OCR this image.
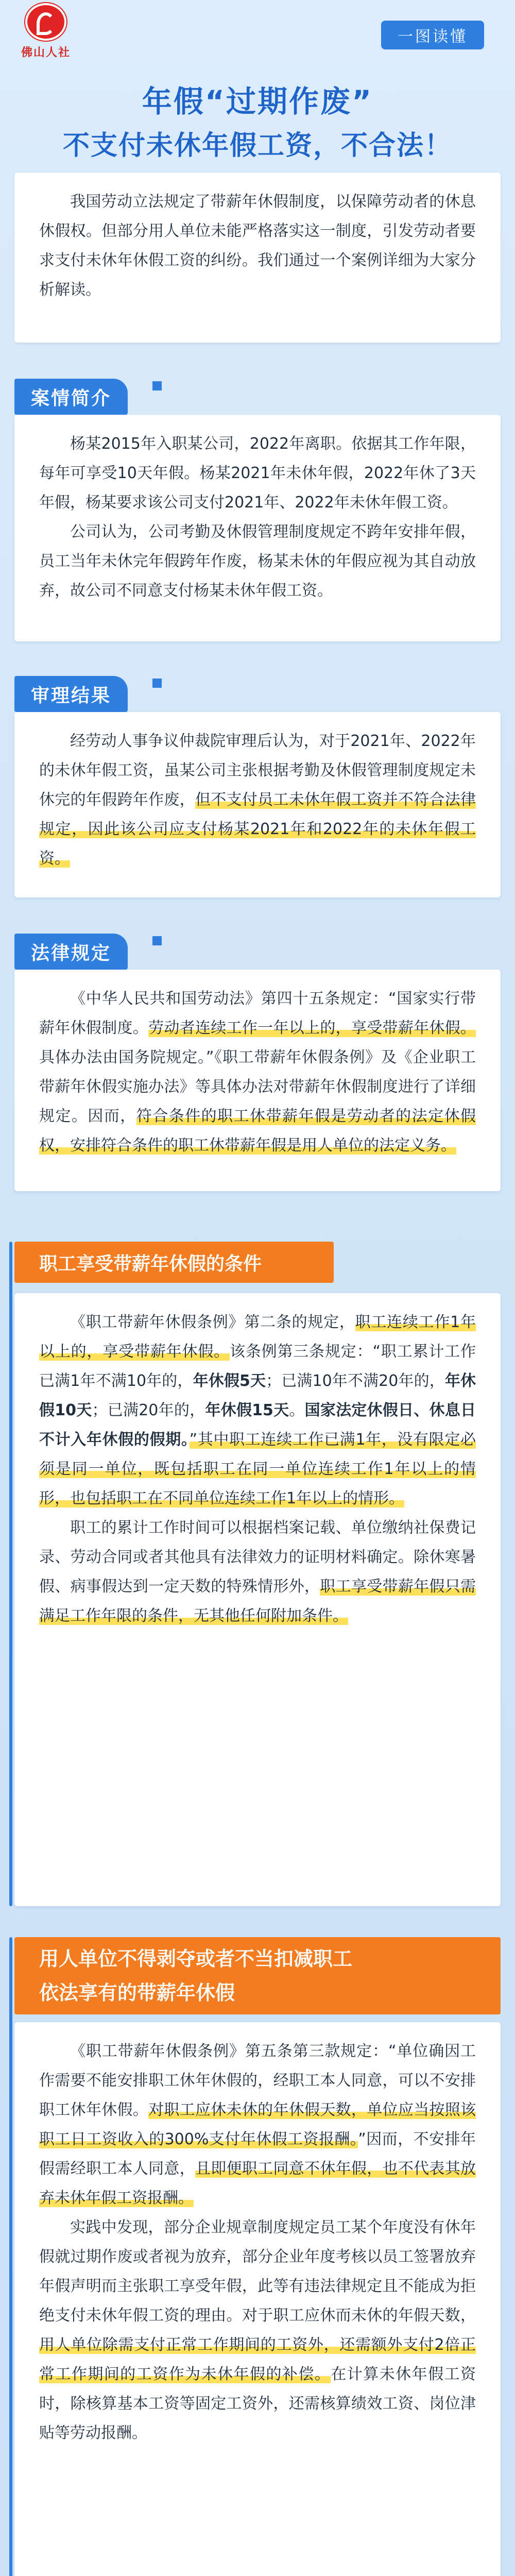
佛山人社
一图读懂
年假“过期作废”
不支付未休年假工资，不合法！

我国劳动立法规定了带薪年休假制度，以保障劳动者的休息休假权。但部分用人单位未能严格落实这一制度，引发劳动者要求支付未休年休假工资的纠纷。我们通过一个案例详细为大家分析解读。

案情简介

杨某2015年入职某公司，2022年离职。依据其工作年限，每年可享受10天年假。杨某2021年未休年假，2022年休了3天年假，杨某要求该公司支付2021年、2022年未休年假工资。

公司认为，公司考勤及休假管理制度规定不跨年安排年假，员工当年未休完年假跨年作废，杨某未休的年假应视为其自动放弃，故公司不同意支付杨某未休年假工资。

审理结果

经劳动人事争议仲裁院审理后认为，对于2021年、2022年的未休年假工资，虽某公司主张根据考勤及休假管理制度规定未休完的年假跨年作废，但不支付员工未休年假工资并不符合法律规定，因此该公司应支付杨某2021年和2022年的未休年假工资。

法律规定

《中华人民共和国劳动法》第四十五条规定：“国家实行带薪年休假制度。劳动者连续工作一年以上的，享受带薪年休假。具体办法由国务院规定。”《职工带薪年休假条例》及《企业职工带薪年休假实施办法》等具体办法对带薪年休假制度进行了详细规定。因而，符合条件的职工休带薪年假是劳动者的法定休假权，安排符合条件的职工休带薪年假是用人单位的法定义务。

职工享受带薪年休假的条件

《职工带薪年休假条例》第二条的规定，职工连续工作1年以上的，享受带薪年休假。该条例第三条规定：“职工累计工作已满1年不满10年的，年休假5天；已满10年不满20年的，年休假10天；已满20年的，年休假15天。国家法定休假日、休息日不计入年休假的假期。”其中职工连续工作已满1年，没有限定必须是同一单位，既包括职工在同一单位连续工作1年以上的情形，也包括职工在不同单位连续工作1年以上的情形。

职工的累计工作时间可以根据档案记载、单位缴纳社保费记录、劳动合同或者其他具有法律效力的证明材料确定。除休寒暑假、病事假达到一定天数的特殊情形外，职工享受带薪年假只需满足工作年限的条件，无其他任何附加条件。

用人单位不得剥夺或者不当扣减职工
依法享有的带薪年休假

《职工带薪年休假条例》第五条第三款规定：“单位确因工作需要不能安排职工休年休假的，经职工本人同意，可以不安排职工休年休假。对职工应休未休的年休假天数，单位应当按照该职工日工资收入的300%支付年休假工资报酬。”因而，不安排年假需经职工本人同意，且即便职工同意不休年假，也不代表其放弃未休年假工资报酬。

实践中发现，部分企业规章制度规定员工某个年度没有休年假就过期作废或者视为放弃，部分企业年度考核以员工签署放弃年假声明而主张职工享受年假，此等有违法律规定且不能成为拒绝支付未休年假工资的理由。对于职工应休而未休的年假天数，用人单位除需支付正常工作期间的工资外，还需额外支付2倍正常工作期间的工资作为未休年假的补偿。在计算未休年假工资时，除核算基本工资等固定工资外，还需核算绩效工资、岗位津贴等劳动报酬。
